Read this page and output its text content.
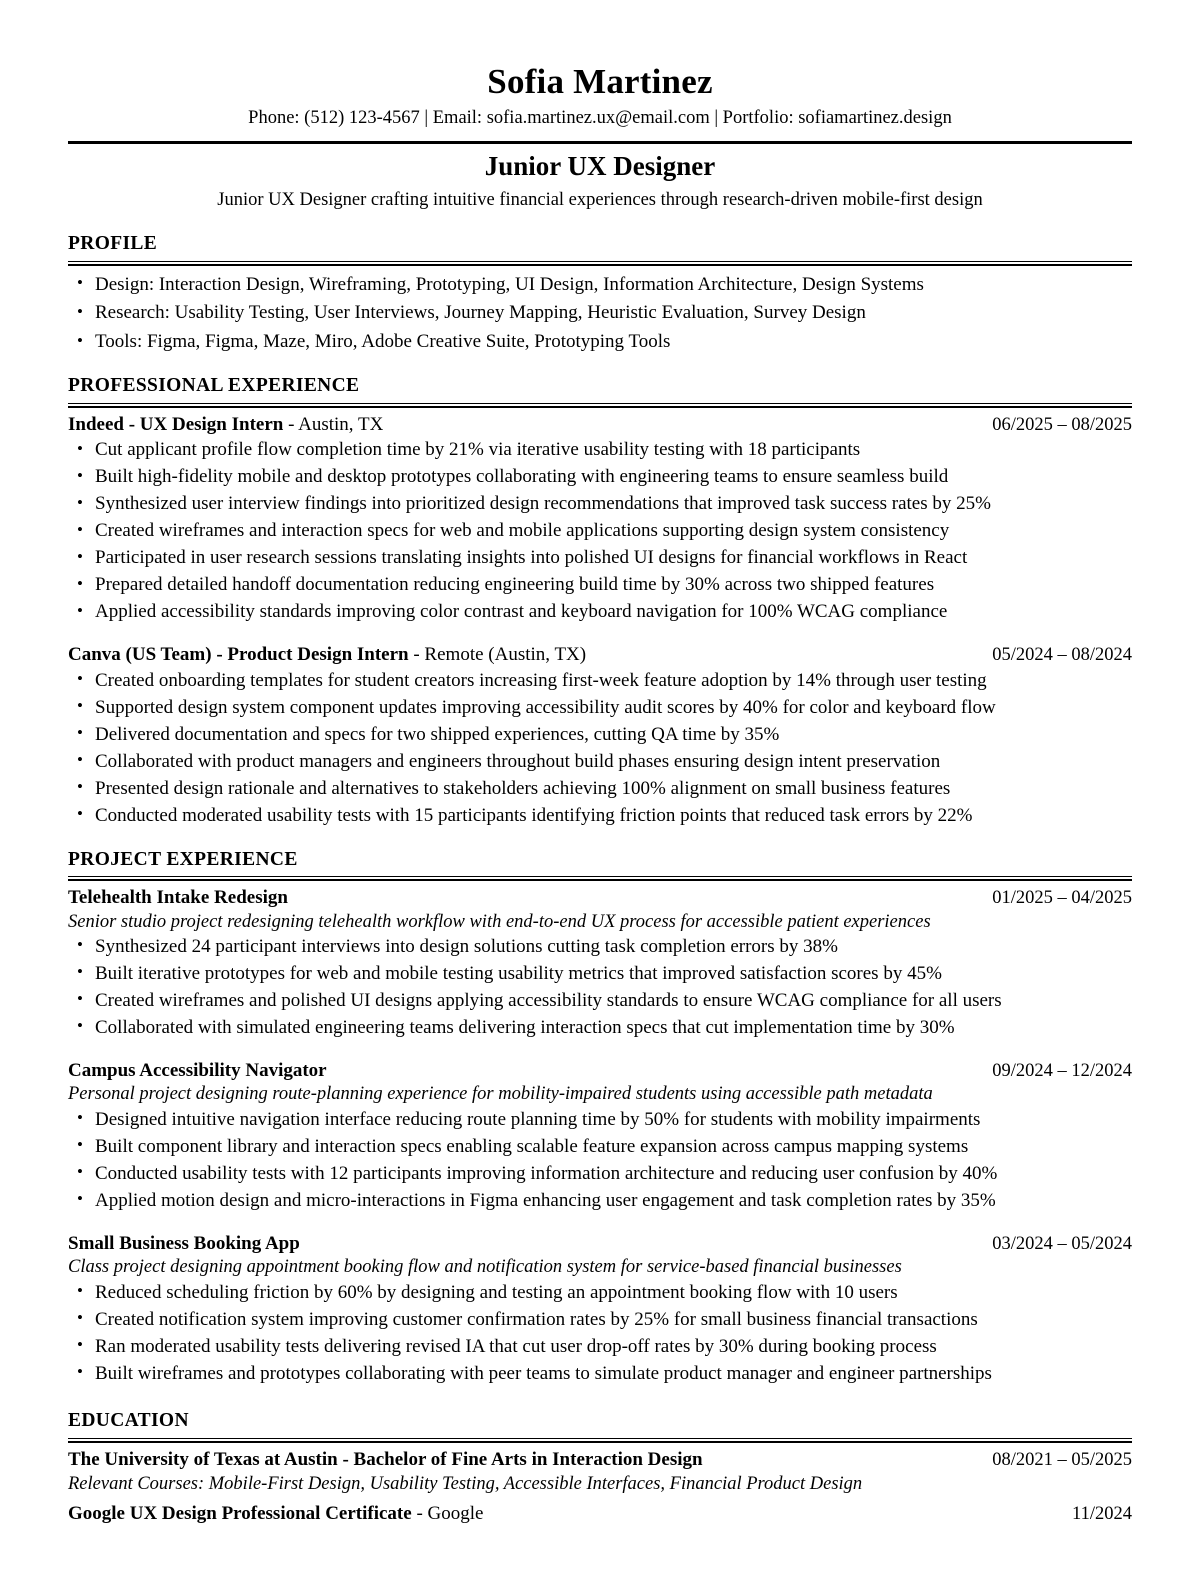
Sofia Martinez
Phone: (512) 123-4567 | Email: sofia.martinez.ux@email.com | Portfolio: sofiamartinez.design
Junior UX Designer
Junior UX Designer crafting intuitive financial experiences through research-driven mobile-first design
PROFILE
• Design: Interaction Design, Wireframing, Prototyping, UI Design, Information Architecture, Design Systems
• Research: Usability Testing, User Interviews, Journey Mapping, Heuristic Evaluation, Survey Design
• Tools: Figma, Figma, Maze, Miro, Adobe Creative Suite, Prototyping Tools
PROFESSIONAL EXPERIENCE
Indeed - UX Design Intern - Austin, TX	06/2025 – 08/2025
• Cut applicant profile flow completion time by 21% via iterative usability testing with 18 participants
• Built high-fidelity mobile and desktop prototypes collaborating with engineering teams to ensure seamless build
• Synthesized user interview findings into prioritized design recommendations that improved task success rates by 25%
• Created wireframes and interaction specs for web and mobile applications supporting design system consistency
• Participated in user research sessions translating insights into polished UI designs for financial workflows in React
• Prepared detailed handoff documentation reducing engineering build time by 30% across two shipped features
• Applied accessibility standards improving color contrast and keyboard navigation for 100% WCAG compliance
Canva (US Team) - Product Design Intern - Remote (Austin, TX)	05/2024 – 08/2024
• Created onboarding templates for student creators increasing first-week feature adoption by 14% through user testing
• Supported design system component updates improving accessibility audit scores by 40% for color and keyboard flow
• Delivered documentation and specs for two shipped experiences, cutting QA time by 35%
• Collaborated with product managers and engineers throughout build phases ensuring design intent preservation
• Presented design rationale and alternatives to stakeholders achieving 100% alignment on small business features
• Conducted moderated usability tests with 15 participants identifying friction points that reduced task errors by 22%
PROJECT EXPERIENCE
Telehealth Intake Redesign	01/2025 – 04/2025
Senior studio project redesigning telehealth workflow with end-to-end UX process for accessible patient experiences
• Synthesized 24 participant interviews into design solutions cutting task completion errors by 38%
• Built iterative prototypes for web and mobile testing usability metrics that improved satisfaction scores by 45%
• Created wireframes and polished UI designs applying accessibility standards to ensure WCAG compliance for all users
• Collaborated with simulated engineering teams delivering interaction specs that cut implementation time by 30%
Campus Accessibility Navigator	09/2024 – 12/2024
Personal project designing route-planning experience for mobility-impaired students using accessible path metadata
• Designed intuitive navigation interface reducing route planning time by 50% for students with mobility impairments
• Built component library and interaction specs enabling scalable feature expansion across campus mapping systems
• Conducted usability tests with 12 participants improving information architecture and reducing user confusion by 40%
• Applied motion design and micro-interactions in Figma enhancing user engagement and task completion rates by 35%
Small Business Booking App	03/2024 – 05/2024
Class project designing appointment booking flow and notification system for service-based financial businesses
• Reduced scheduling friction by 60% by designing and testing an appointment booking flow with 10 users
• Created notification system improving customer confirmation rates by 25% for small business financial transactions
• Ran moderated usability tests delivering revised IA that cut user drop-off rates by 30% during booking process
• Built wireframes and prototypes collaborating with peer teams to simulate product manager and engineer partnerships
EDUCATION
The University of Texas at Austin - Bachelor of Fine Arts in Interaction Design	08/2021 – 05/2025
Relevant Courses: Mobile-First Design, Usability Testing, Accessible Interfaces, Financial Product Design
Google UX Design Professional Certificate - Google	11/2024
